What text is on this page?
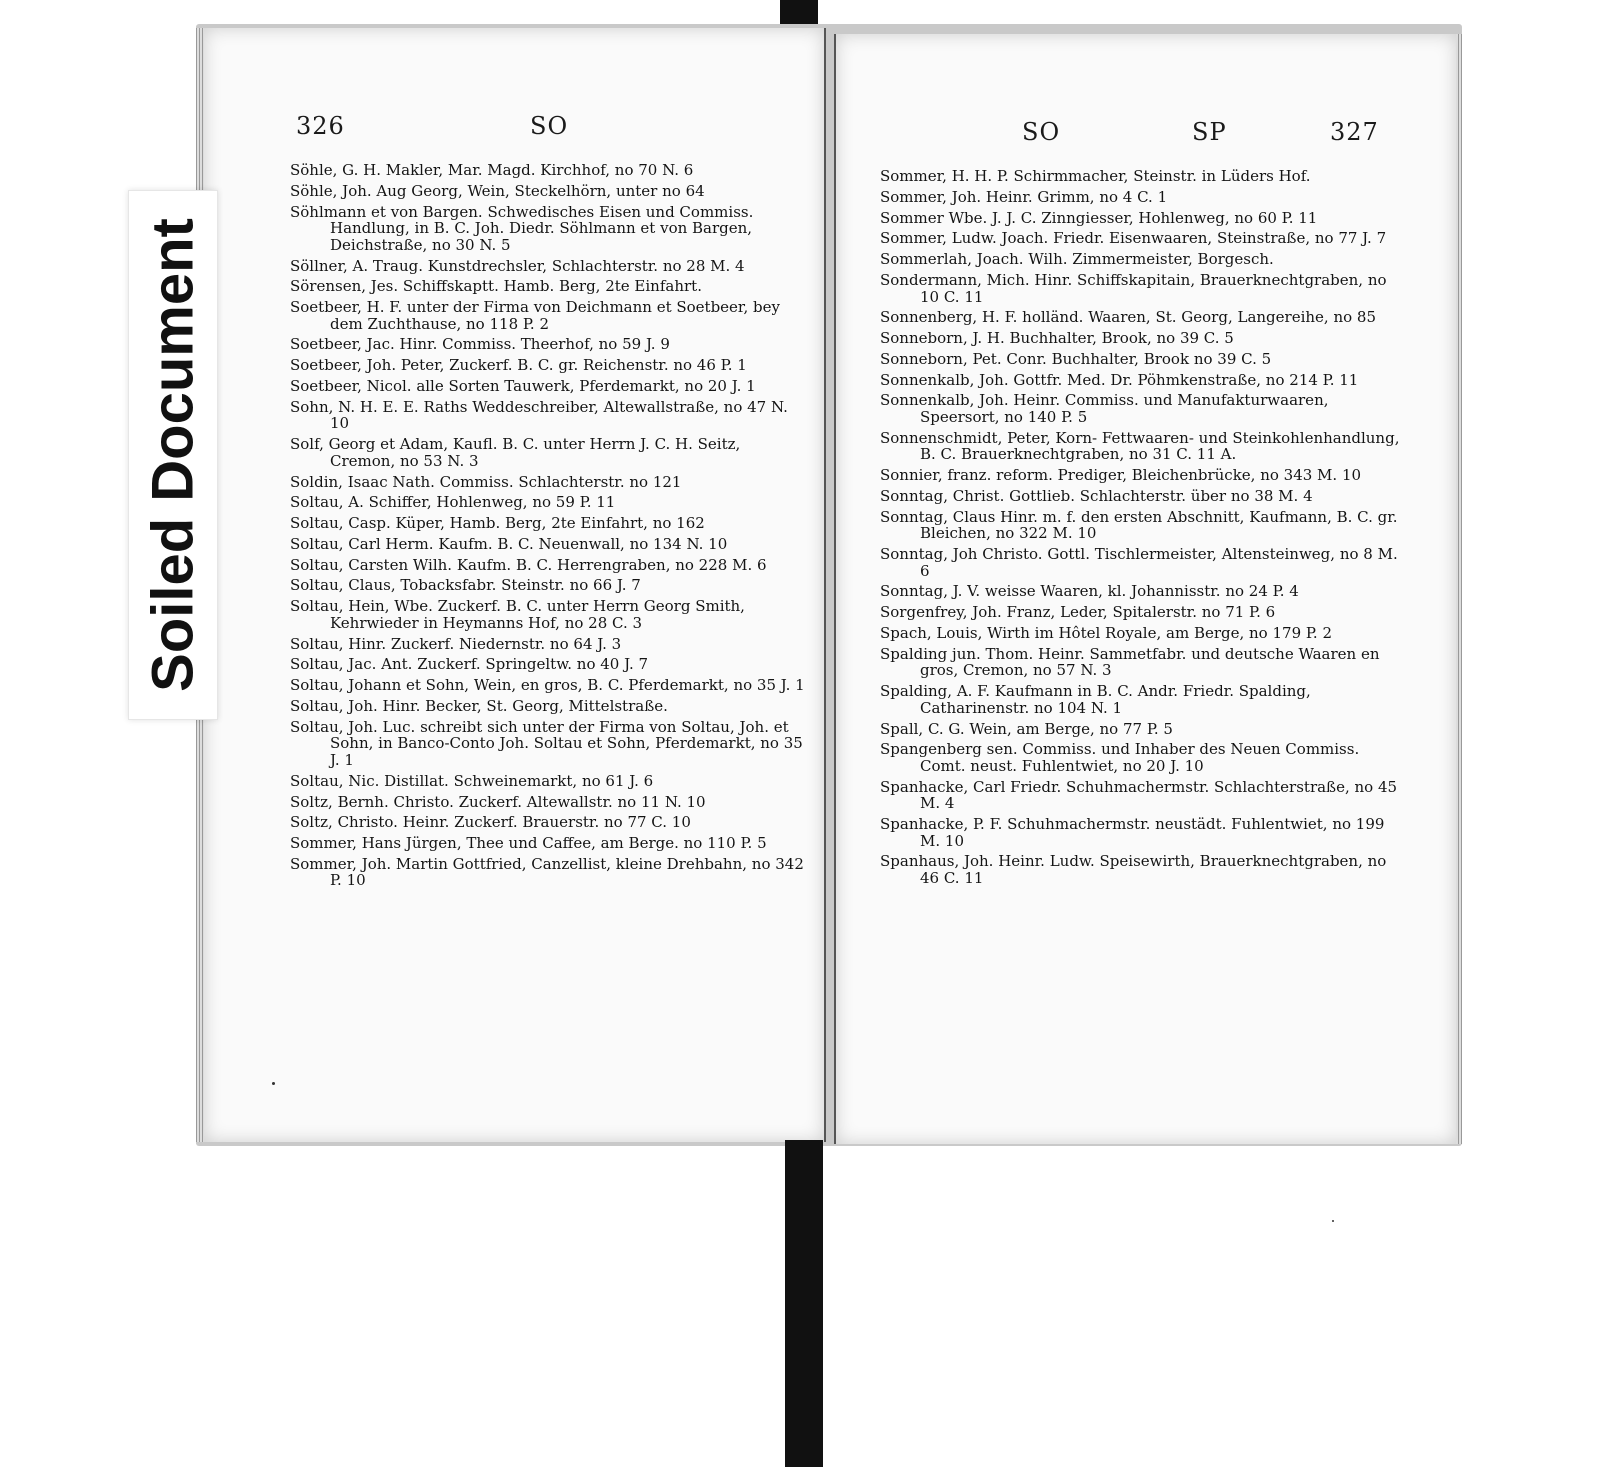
326	SO
Söhle, G. H. Makler, Mar. Magd. Kirchhof, no 70 N. 6
Söhle, Joh. Aug Georg, Wein, Steckelhörn, unter no 64
Söhlmann et von Bargen. Schwedisches Eisen und Commiss. Handlung, in B. C. Joh. Diedr. Söhlmann et von Bargen, Deichstraße, no 30 N. 5
Söllner, A. Traug. Kunstdrechsler, Schlachterstr. no 28 M. 4
Sörensen, Jes. Schiffskaptt. Hamb. Berg, 2te Einfahrt.
Soetbeer, H. F. unter der Firma von Deichmann et Soetbeer, bey dem Zuchthause, no 118 P. 2
Soetbeer, Jac. Hinr. Commiss. Theerhof, no 59 J. 9
Soetbeer, Joh. Peter, Zuckerf. B. C. gr. Reichenstr. no 46 P. 1
Soetbeer, Nicol. alle Sorten Tauwerk, Pferdemarkt, no 20 J. 1
Sohn, N. H. E. E. Raths Weddeschreiber, Altewallstraße, no 47 N. 10
Solf, Georg et Adam, Kaufl. B. C. unter Herrn J. C. H. Seitz, Cremon, no 53 N. 3
Soldin, Isaac Nath. Commiss. Schlachterstr. no 121
Soltau, A. Schiffer, Hohlenweg, no 59 P. 11
Soltau, Casp. Küper, Hamb. Berg, 2te Einfahrt, no 162
Soltau, Carl Herm. Kaufm. B. C. Neuenwall, no 134 N. 10
Soltau, Carsten Wilh. Kaufm. B. C. Herrengraben, no 228 M. 6
Soltau, Claus, Tobacksfabr. Steinstr. no 66 J. 7
Soltau, Hein, Wbe. Zuckerf. B. C. unter Herrn Georg Smith, Kehrwieder in Heymanns Hof, no 28 C. 3
Soltau, Hinr. Zuckerf. Niedernstr. no 64 J. 3
Soltau, Jac. Ant. Zuckerf. Springeltw. no 40 J. 7
Soltau, Johann et Sohn, Wein, en gros, B. C. Pferdemarkt, no 35 J. 1
Soltau, Joh. Hinr. Becker, St. Georg, Mittelstraße.
Soltau, Joh. Luc. schreibt sich unter der Firma von Soltau, Joh. et Sohn, in Banco-Conto Joh. Soltau et Sohn, Pferdemarkt, no 35 J. 1
Soltau, Nic. Distillat. Schweinemarkt, no 61 J. 6
Soltz, Bernh. Christo. Zuckerf. Altewallstr. no 11 N. 10
Soltz, Christo. Heinr. Zuckerf. Brauerstr. no 77 C. 10
Sommer, Hans Jürgen, Thee und Caffee, am Berge. no 110 P. 5
Sommer, Joh. Martin Gottfried, Canzellist, kleine Drehbahn, no 342 P. 10
SO	SP	327
Sommer, H. H. P. Schirmmacher, Steinstr. in Lüders Hof.
Sommer, Joh. Heinr. Grimm, no 4 C. 1
Sommer Wbe. J. J. C. Zinngiesser, Hohlenweg, no 60 P. 11
Sommer, Ludw. Joach. Friedr. Eisenwaaren, Steinstraße, no 77 J. 7
Sommerlah, Joach. Wilh. Zimmermeister, Borgesch.
Sondermann, Mich. Hinr. Schiffskapitain, Brauerknechtgraben, no 10 C. 11
Sonnenberg, H. F. holländ. Waaren, St. Georg, Langereihe, no 85
Sonneborn, J. H. Buchhalter, Brook, no 39 C. 5
Sonneborn, Pet. Conr. Buchhalter, Brook no 39 C. 5
Sonnenkalb, Joh. Gottfr. Med. Dr. Pöhmkenstraße, no 214 P. 11
Sonnenkalb, Joh. Heinr. Commiss. und Manufakturwaaren, Speersort, no 140 P. 5
Sonnenschmidt, Peter, Korn- Fettwaaren- und Steinkohlenhandlung, B. C. Brauerknechtgraben, no 31 C. 11 A.
Sonnier, franz. reform. Prediger, Bleichenbrücke, no 343 M. 10
Sonntag, Christ. Gottlieb. Schlachterstr. über no 38 M. 4
Sonntag, Claus Hinr. m. f. den ersten Abschnitt, Kaufmann, B. C. gr. Bleichen, no 322 M. 10
Sonntag, Joh Christo. Gottl. Tischlermeister, Altensteinweg, no 8 M. 6
Sonntag, J. V. weisse Waaren, kl. Johannisstr. no 24 P. 4
Sorgenfrey, Joh. Franz, Leder, Spitalerstr. no 71 P. 6
Spach, Louis, Wirth im Hôtel Royale, am Berge, no 179 P. 2
Spalding jun. Thom. Heinr. Sammetfabr. und deutsche Waaren en gros, Cremon, no 57 N. 3
Spalding, A. F. Kaufmann in B. C. Andr. Friedr. Spalding, Catharinenstr. no 104 N. 1
Spall, C. G. Wein, am Berge, no 77 P. 5
Spangenberg sen. Commiss. und Inhaber des Neuen Commiss. Comt. neust. Fuhlentwiet, no 20 J. 10
Spanhacke, Carl Friedr. Schuhmachermstr. Schlachterstraße, no 45 M. 4
Spanhacke, P. F. Schuhmachermstr. neustädt. Fuhlentwiet, no 199 M. 10
Spanhaus, Joh. Heinr. Ludw. Speisewirth, Brauerknechtgraben, no 46 C. 11
Soiled Document
